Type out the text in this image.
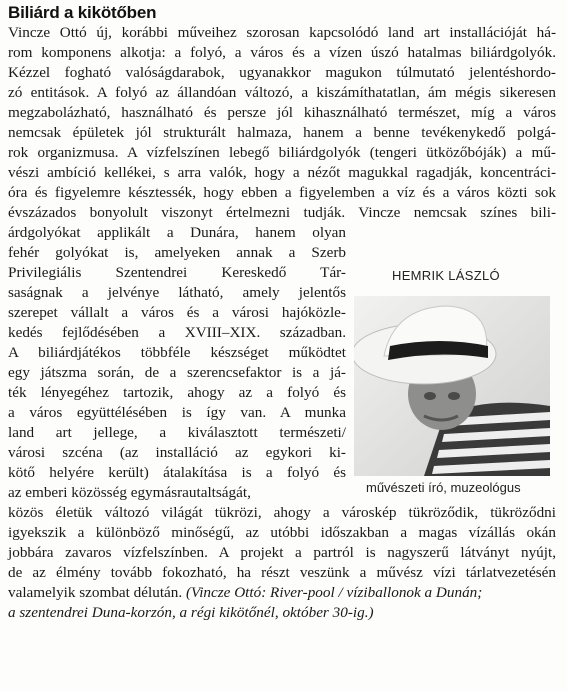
Biliárd a kikötőben
Vincze Ottó új, korábbi műveihez szorosan kapcsolódó land art installációját há-
rom komponens alkotja: a folyó, a város és a vízen úszó hatalmas biliárdgolyók.
Kézzel fogható valóságdarabok, ugyanakkor magukon túlmutató jelentéshordo-
zó entitások. A folyó az állandóan változó, a kiszámíthatatlan, ám mégis sikeresen
megzabolázható, használható és persze jól kihasználható természet, míg a város
nemcsak épületek jól strukturált halmaza, hanem a benne tevékenykedő polgá-
rok organizmusa. A vízfelszínen lebegő biliárdgolyók (tengeri ütközőbóják) a mű-
vészi ambíció kellékei, s arra valók, hogy a nézőt magukkal ragadják, koncentráci-
óra és figyelemre késztessék, hogy ebben a figyelemben a víz és a város közti sok
évszázados bonyolult viszonyt értelmezni tudják. Vincze nemcsak színes bili-
árdgolyókat applikált a Dunára, hanem olyan
fehér golyókat is, amelyeken annak a Szerb
Privilegiális Szentendrei Kereskedő Tár-
saságnak a jelvénye látható, amely jelentős
szerepet vállalt a város és a városi hajóközle-
kedés fejlődésében a XVIII–XIX. században.
A biliárdjátékos többféle készséget működtet
egy játszma során, de a szerencsefaktor is a já-
ték lényegéhez tartozik, ahogy az a folyó és
a város együttélésében is így van. A munka
land art jellege, a kiválasztott természeti/
városi szcéna (az installáció az egykori ki-
kötő helyére került) átalakítása is a folyó és
az emberi közösség egymásrautaltságát,
közös életük változó világát tükrözi, ahogy a városkép tükröződik, tükröződni
igyekszik a különböző minőségű, az utóbbi időszakban a magas vízállás okán
jobbára zavaros vízfelszínben. A projekt a partról is nagyszerű látványt nyújt,
de az élmény tovább fokozható, ha részt veszünk a művész vízi tárlatvezetésén
valamelyik szombat délután. (Vincze Ottó: River-pool / víziballonok a Dunán;
a szentendrei Duna-korzón, a régi kikötőnél, október 30-ig.)
HEMRIK LÁSZLÓ
művészeti író, muzeológus
